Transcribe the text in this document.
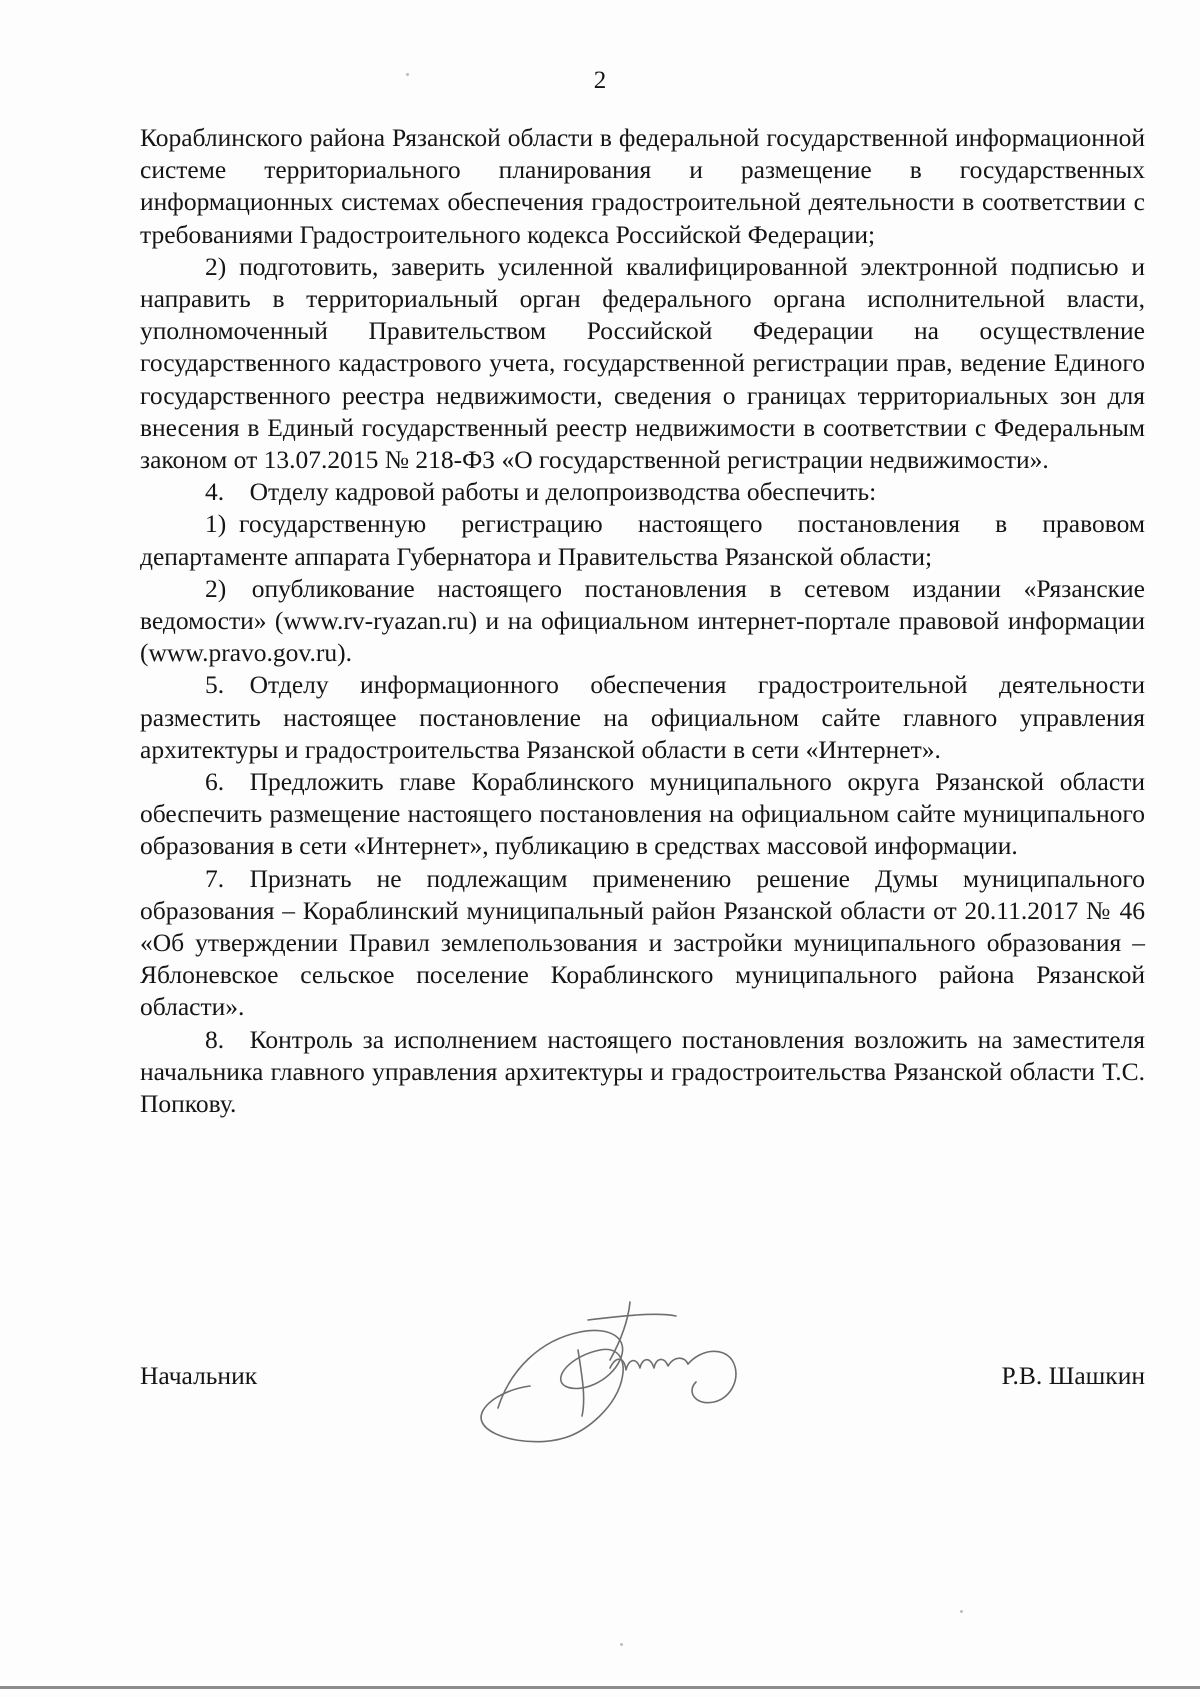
2

Кораблинского района Рязанской области в федеральной государственной информационной системе территориального планирования и размещение в государственных информационных системах обеспечения градостроительной деятельности в соответствии с требованиями Градостроительного кодекса Российской Федерации;

2) подготовить, заверить усиленной квалифицированной электронной подписью и направить в территориальный орган федерального органа исполнительной власти, уполномоченный Правительством Российской Федерации на осуществление государственного кадастрового учета, государственной регистрации прав, ведение Единого государственного реестра недвижимости, сведения о границах территориальных зон для внесения в Единый государственный реестр недвижимости в соответствии с Федеральным законом от 13.07.2015 № 218-ФЗ «О государственной регистрации недвижимости».

4. Отделу кадровой работы и делопроизводства обеспечить:

1) государственную регистрацию настоящего постановления в правовом департаменте аппарата Губернатора и Правительства Рязанской области;

2) опубликование настоящего постановления в сетевом издании «Рязанские ведомости» (www.rv-ryazan.ru) и на официальном интернет-портале правовой информации (www.pravo.gov.ru).

5. Отделу информационного обеспечения градостроительной деятельности разместить настоящее постановление на официальном сайте главного управления архитектуры и градостроительства Рязанской области в сети «Интернет».

6. Предложить главе Кораблинского муниципального округа Рязанской области обеспечить размещение настоящего постановления на официальном сайте муниципального образования в сети «Интернет», публикацию в средствах массовой информации.

7. Признать не подлежащим применению решение Думы муниципального образования – Кораблинский муниципальный район Рязанской области от 20.11.2017 № 46 «Об утверждении Правил землепользования и застройки муниципального образования – Яблоневское сельское поселение Кораблинского муниципального района Рязанской области».

8. Контроль за исполнением настоящего постановления возложить на заместителя начальника главного управления архитектуры и градостроительства Рязанской области Т.С. Попкову.

Начальник	Р.В. Шашкин
